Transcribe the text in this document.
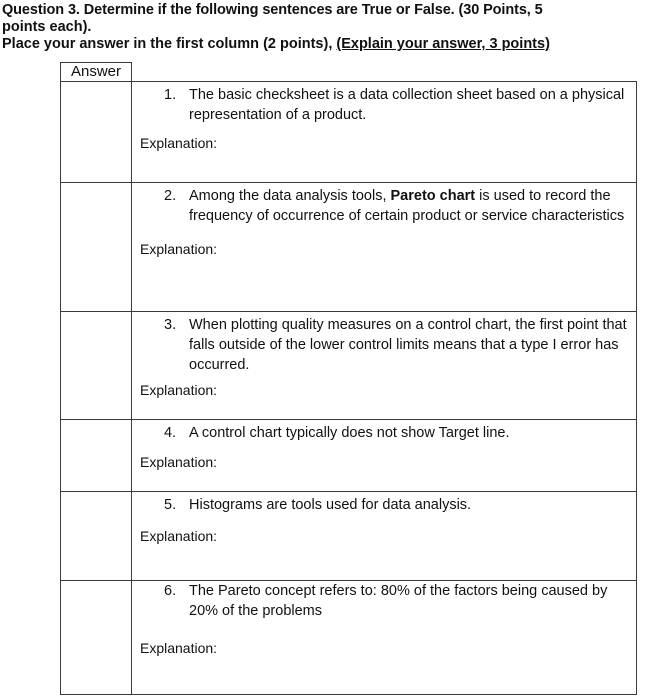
Question 3. Determine if the following sentences are True or False. (30 Points, 5
points each).
Place your answer in the first column (2 points), (Explain your answer, 3 points)
Answer	

	1. The basic checksheet is a data collection sheet based on a physical representation of a product.
Explanation:

	2. Among the data analysis tools, Pareto chart is used to record the frequency of occurrence of certain product or service characteristics
Explanation:

	3. When plotting quality measures on a control chart, the first point that falls outside of the lower control limits means that a type I error has occurred.
Explanation:

	4. A control chart typically does not show Target line.
Explanation:

	5. Histograms are tools used for data analysis.
Explanation:

	6. The Pareto concept refers to: 80% of the factors being caused by 20% of the problems
Explanation:
